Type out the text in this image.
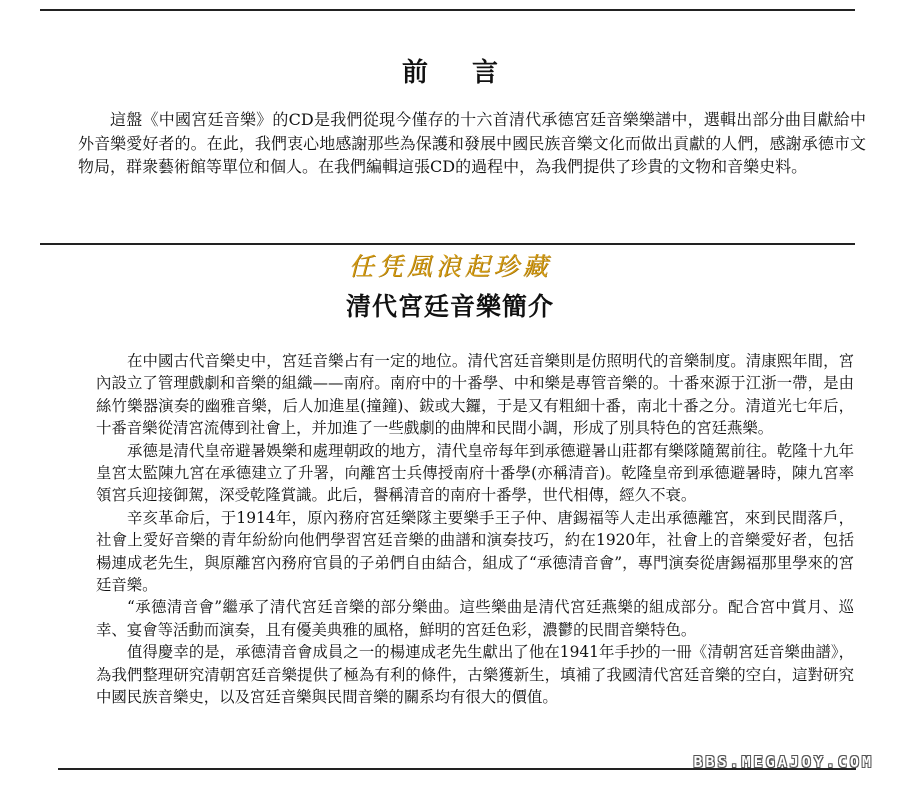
前言

這盤《中國宮廷音樂》的CD是我們從現今僅存的十六首清代承德宮廷音樂樂譜中，選輯出部分曲目獻給中外音樂愛好者的。在此，我們衷心地感謝那些為保護和發展中國民族音樂文化而做出貢獻的人們，感謝承德市文物局，群衆藝術館等單位和個人。在我們編輯這張CD的過程中，為我們提供了珍貴的文物和音樂史料。

任凭風浪起珍藏
清代宮廷音樂簡介

在中國古代音樂史中，宮廷音樂占有一定的地位。清代宮廷音樂則是仿照明代的音樂制度。清康熙年間，宮內設立了管理戲劇和音樂的組織——南府。南府中的十番學、中和樂是專管音樂的。十番來源于江浙一帶，是由絲竹樂器演奏的幽雅音樂，后人加進星(撞鐘)、鈸或大鑼，于是又有粗細十番，南北十番之分。清道光七年后，十番音樂從清宮流傳到社會上，并加進了一些戲劇的曲牌和民間小調，形成了別具特色的宮廷燕樂。

承德是清代皇帝避暑娛樂和處理朝政的地方，清代皇帝每年到承德避暑山莊都有樂隊隨駕前往。乾隆十九年皇宮太監陳九宮在承德建立了升署，向離宮士兵傳授南府十番學(亦稱清音)。乾隆皇帝到承德避暑時，陳九宮率領宮兵迎接御駕，深受乾隆賞識。此后，譽稱清音的南府十番學，世代相傳，經久不衰。

辛亥革命后，于1914年，原內務府宮廷樂隊主要樂手王子仲、唐錫福等人走出承德離宮，來到民間落戶，社會上愛好音樂的青年紛紛向他們學習宮廷音樂的曲譜和演奏技巧，約在1920年，社會上的音樂愛好者，包括楊連成老先生，與原離宮內務府官員的子弟們自由結合，組成了“承德清音會”，專門演奏從唐錫福那里學來的宮廷音樂。

“承德清音會”繼承了清代宮廷音樂的部分樂曲。這些樂曲是清代宮廷燕樂的組成部分。配合宮中賞月、巡幸、宴會等活動而演奏，且有優美典雅的風格，鮮明的宮廷色彩，濃鬱的民間音樂特色。

值得慶幸的是，承德清音會成員之一的楊連成老先生獻出了他在1941年手抄的一冊《清朝宮廷音樂曲譜》，為我們整理研究清朝宮廷音樂提供了極為有利的條件，古樂獲新生，填補了我國清代宮廷音樂的空白，這對研究中國民族音樂史，以及宮廷音樂與民間音樂的關系均有很大的價值。

BBS.MEGAJOY.COM
